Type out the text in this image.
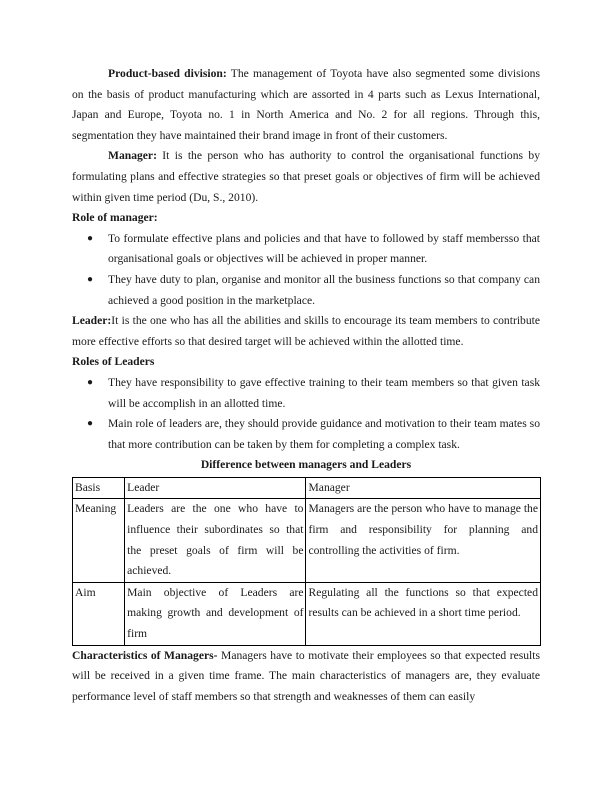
Product-based division: The management of Toyota have also segmented some divisions on the basis of product manufacturing which are assorted in 4 parts such as Lexus International, Japan and Europe, Toyota no. 1 in North America and No. 2 for all regions. Through this, segmentation they have maintained their brand image in front of their customers.

Manager: It is the person who has authority to control the organisational functions by formulating plans and effective strategies so that preset goals or objectives of firm will be achieved within given time period (Du, S., 2010).

Role of manager:

● To formulate effective plans and policies and that have to followed by staff membersso that organisational goals or objectives will be achieved in proper manner.
● They have duty to plan, organise and monitor all the business functions so that company can achieved a good position in the marketplace.

Leader:It is the one who has all the abilities and skills to encourage its team members to contribute more effective efforts so that desired target will be achieved within the allotted time.

Roles of Leaders

● They have responsibility to gave effective training to their team members so that given task will be accomplish in an allotted time.
● Main role of leaders are, they should provide guidance and motivation to their team mates so that more contribution can be taken by them for completing a complex task.

Difference between managers and Leaders

Basis	Leader	Manager
Meaning	Leaders are the one who have to influence their subordinates so that the preset goals of firm will be achieved.	Managers are the person who have to manage the firm and responsibility for planning and controlling the activities of firm.
Aim	Main objective of Leaders are making growth and development of firm	Regulating all the functions so that expected results can be achieved in a short time period.

Characteristics of Managers- Managers have to motivate their employees so that expected results will be received in a given time frame. The main characteristics of managers are, they evaluate performance level of staff members so that strength and weaknesses of them can easily
